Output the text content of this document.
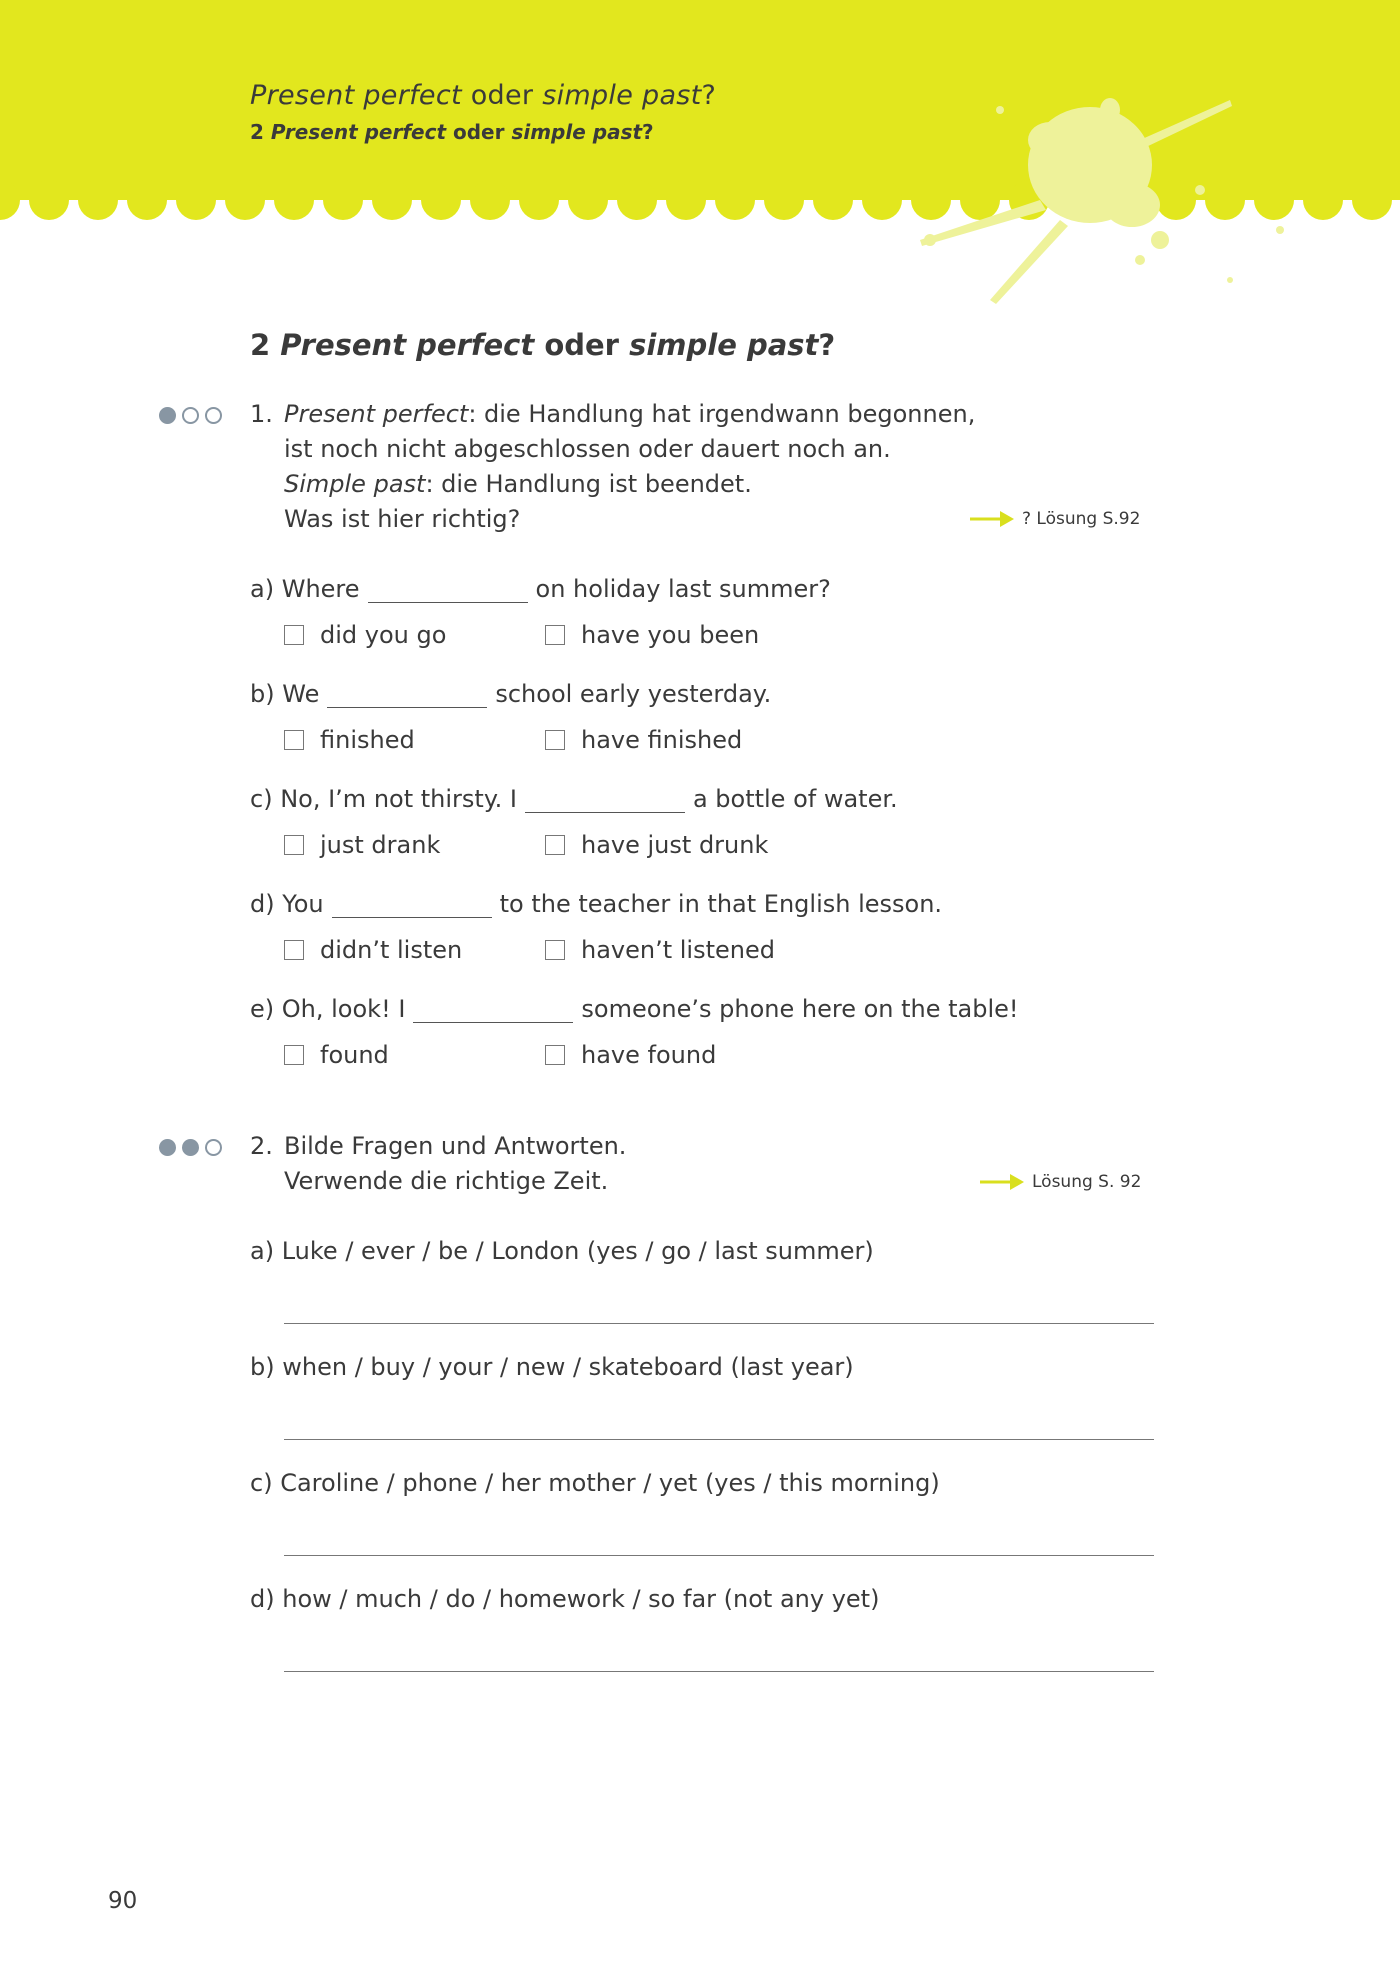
Present perfect oder simple past?
2 Present perfect oder simple past?
2 Present perfect oder simple past?
1. Present perfect: die Handlung hat irgendwann begonnen,
ist noch nicht abgeschlossen oder dauert noch an.
Simple past: die Handlung ist beendet.
Was ist hier richtig?	? Lösung S.92
a) Where	on holiday last summer?
did you go	have you been
b) We	school early yesterday.
finished	have finished
c) No, I’m not thirsty. I	a bottle of water.
just drank	have just drunk
d) You	to the teacher in that English lesson.
didn’t listen	haven’t listened
e) Oh, look! I	someone’s phone here on the table!
found	have found
2. Bilde Fragen und Antworten.
Verwende die richtige Zeit.	Lösung S. 92
a) Luke / ever / be / London (yes / go / last summer)
b) when / buy / your / new / skateboard (last year)
c) Caroline / phone / her mother / yet (yes / this morning)
d) how / much / do / homework / so far (not any yet)
90
